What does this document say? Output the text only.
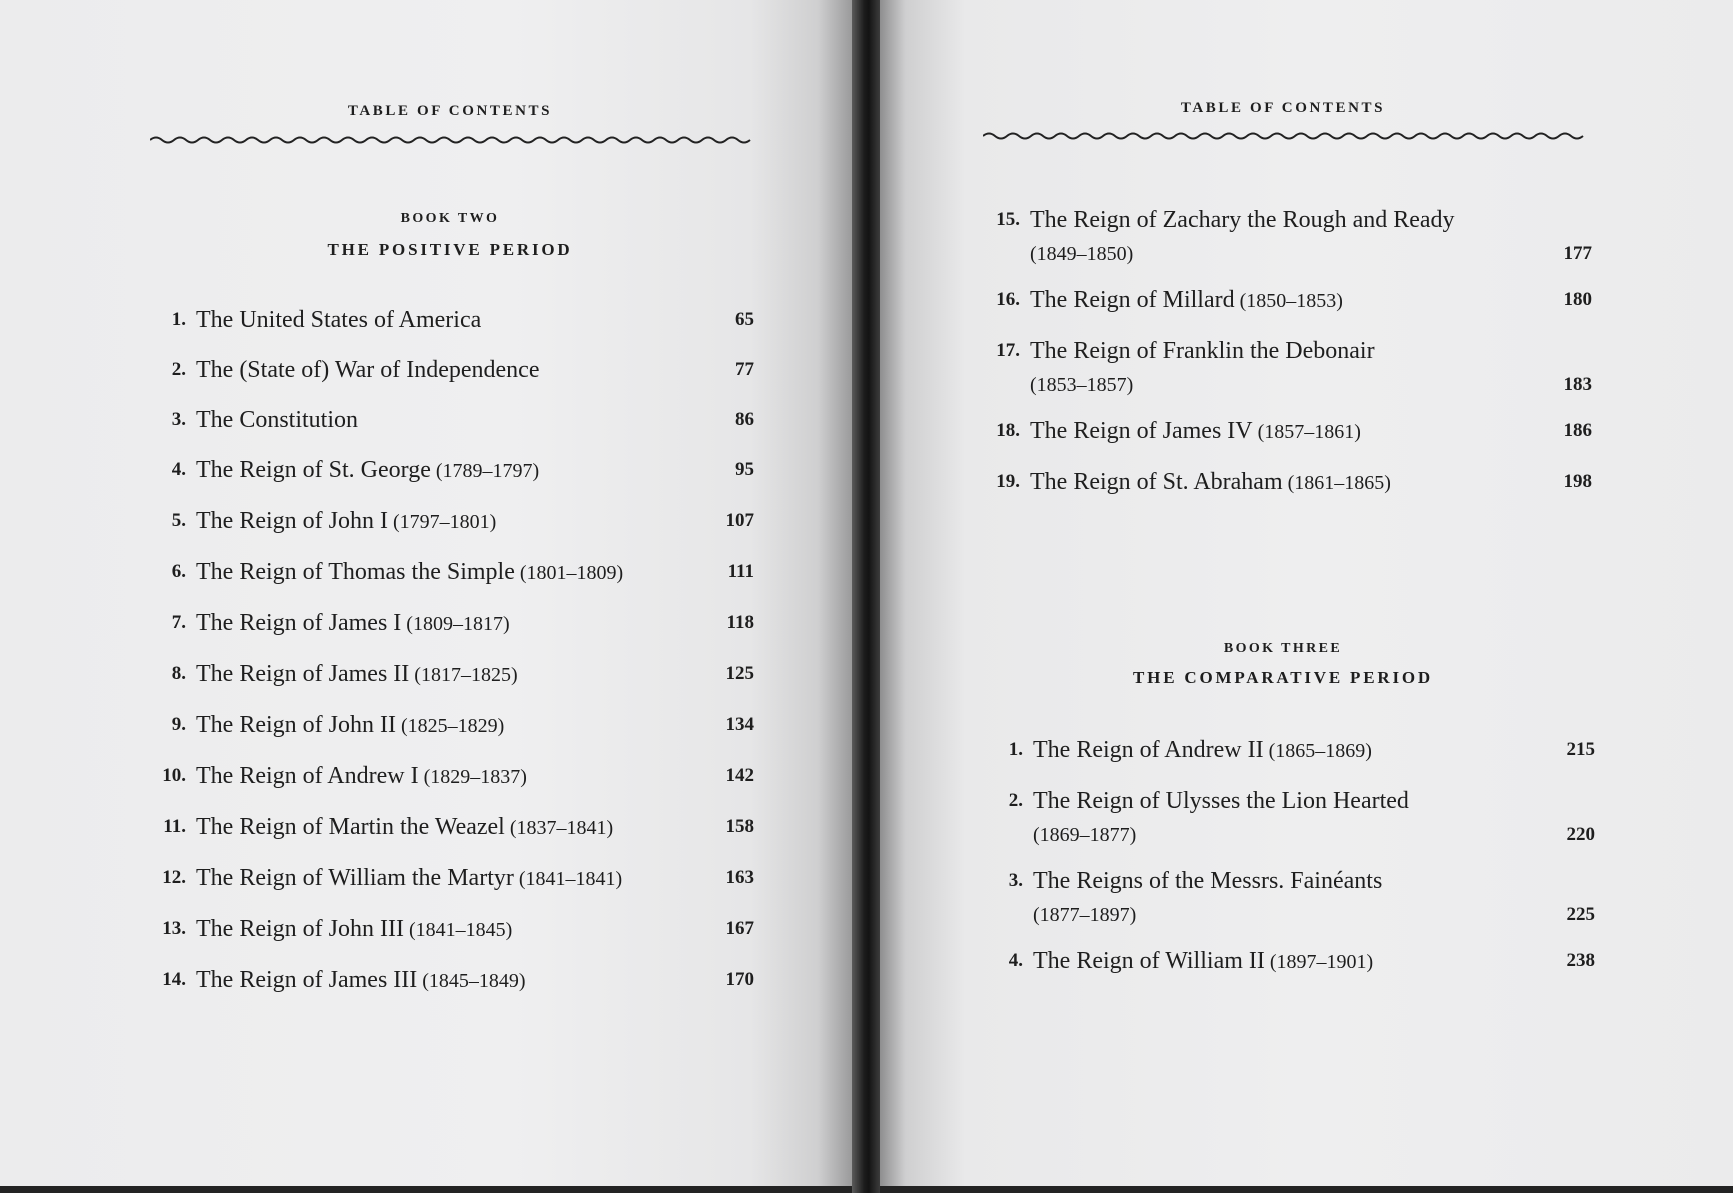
TABLE OF CONTENTS
BOOK TWO
THE POSITIVE PERIOD
1. The United States of America	65
2. The (State of) War of Independence	77
3. The Constitution	86
4. The Reign of St. George (1789–1797)	95
5. The Reign of John I (1797–1801)	107
6. The Reign of Thomas the Simple (1801–1809)	111
7. The Reign of James I (1809–1817)	118
8. The Reign of James II (1817–1825)	125
9. The Reign of John II (1825–1829)	134
10. The Reign of Andrew I (1829–1837)	142
11. The Reign of Martin the Weazel (1837–1841)	158
12. The Reign of William the Martyr (1841–1841)	163
13. The Reign of John III (1841–1845)	167
14. The Reign of James III (1845–1849)	170
TABLE OF CONTENTS
15. The Reign of Zachary the Rough and Ready
(1849–1850)	177
16. The Reign of Millard (1850–1853)	180
17. The Reign of Franklin the Debonair
(1853–1857)	183
18. The Reign of James IV (1857–1861)	186
19. The Reign of St. Abraham (1861–1865)	198
BOOK THREE
THE COMPARATIVE PERIOD
1. The Reign of Andrew II (1865–1869)	215
2. The Reign of Ulysses the Lion Hearted
(1869–1877)	220
3. The Reigns of the Messrs. Fainéants
(1877–1897)	225
4. The Reign of William II (1897–1901)	238
